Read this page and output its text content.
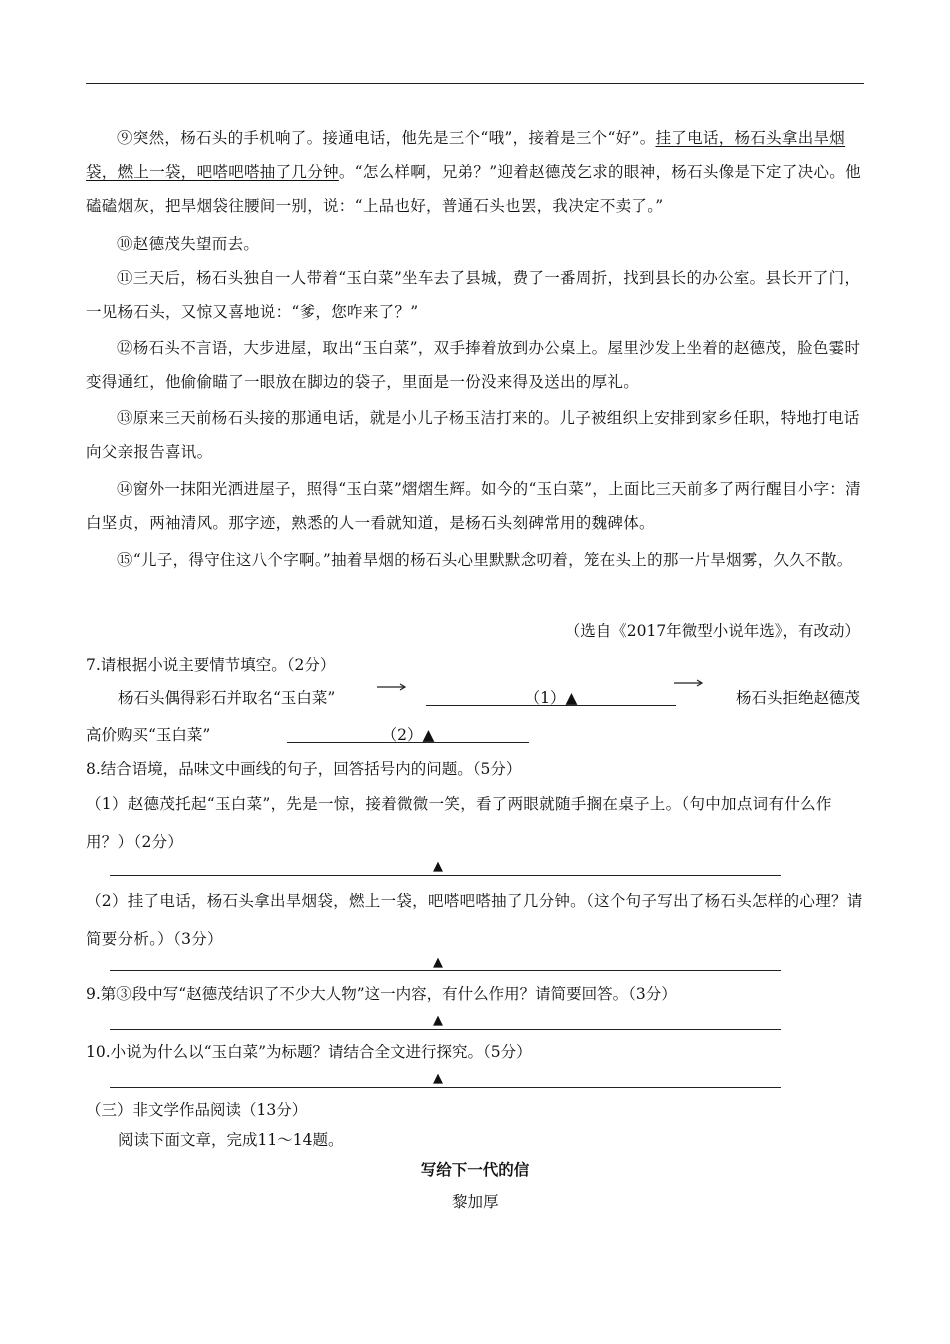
⑨突然，杨石头的手机响了。接通电话，他先是三个“哦”，接着是三个“好”。挂了电话，杨石头拿出旱烟袋，燃上一袋，吧嗒吧嗒抽了几分钟。“怎么样啊，兄弟？”迎着赵德茂乞求的眼神，杨石头像是下定了决心。他磕磕烟灰，把旱烟袋往腰间一别，说：“上品也好，普通石头也罢，我决定不卖了。”
⑩赵德茂失望而去。
⑪三天后，杨石头独自一人带着“玉白菜”坐车去了县城，费了一番周折，找到县长的办公室。县长开了门，一见杨石头，又惊又喜地说：“爹，您咋来了？”
⑫杨石头不言语，大步进屋，取出“玉白菜”，双手捧着放到办公桌上。屋里沙发上坐着的赵德茂，脸色霎时变得通红，他偷偷瞄了一眼放在脚边的袋子，里面是一份没来得及送出的厚礼。
⑬原来三天前杨石头接的那通电话，就是小儿子杨玉洁打来的。儿子被组织上安排到家乡任职，特地打电话向父亲报告喜讯。
⑭窗外一抹阳光洒进屋子，照得“玉白菜”熠熠生辉。如今的“玉白菜”，上面比三天前多了两行醒目小字：清白坚贞，两袖清风。那字迹，熟悉的人一看就知道，是杨石头刻碑常用的魏碑体。
⑮“儿子，得守住这八个字啊。”抽着旱烟的杨石头心里默默念叨着，笼在头上的那一片旱烟雾，久久不散。
（选自《2017年微型小说年选》，有改动）
7.请根据小说主要情节填空。（2分）
杨石头偶得彩石并取名“玉白菜”	（1）▲	杨石头拒绝赵德茂
高价购买“玉白菜”	（2）▲
8.结合语境，品味文中画线的句子，回答括号内的问题。（5分）
（1）赵德茂托起“玉白菜”，先是一惊，接着微微一笑，看了两眼就随手搁在桌子上。（句中加点词有什么作用？）（2分）
▲
（2）挂了电话，杨石头拿出旱烟袋，燃上一袋，吧嗒吧嗒抽了几分钟。（这个句子写出了杨石头怎样的心理？请简要分析。）（3分）
▲
9.第③段中写“赵德茂结识了不少大人物”这一内容，有什么作用？请简要回答。（3分）
▲
10.小说为什么以“玉白菜”为标题？请结合全文进行探究。（5分）
▲
（三）非文学作品阅读（13分）
阅读下面文章，完成11～14题。
写给下一代的信
黎加厚
